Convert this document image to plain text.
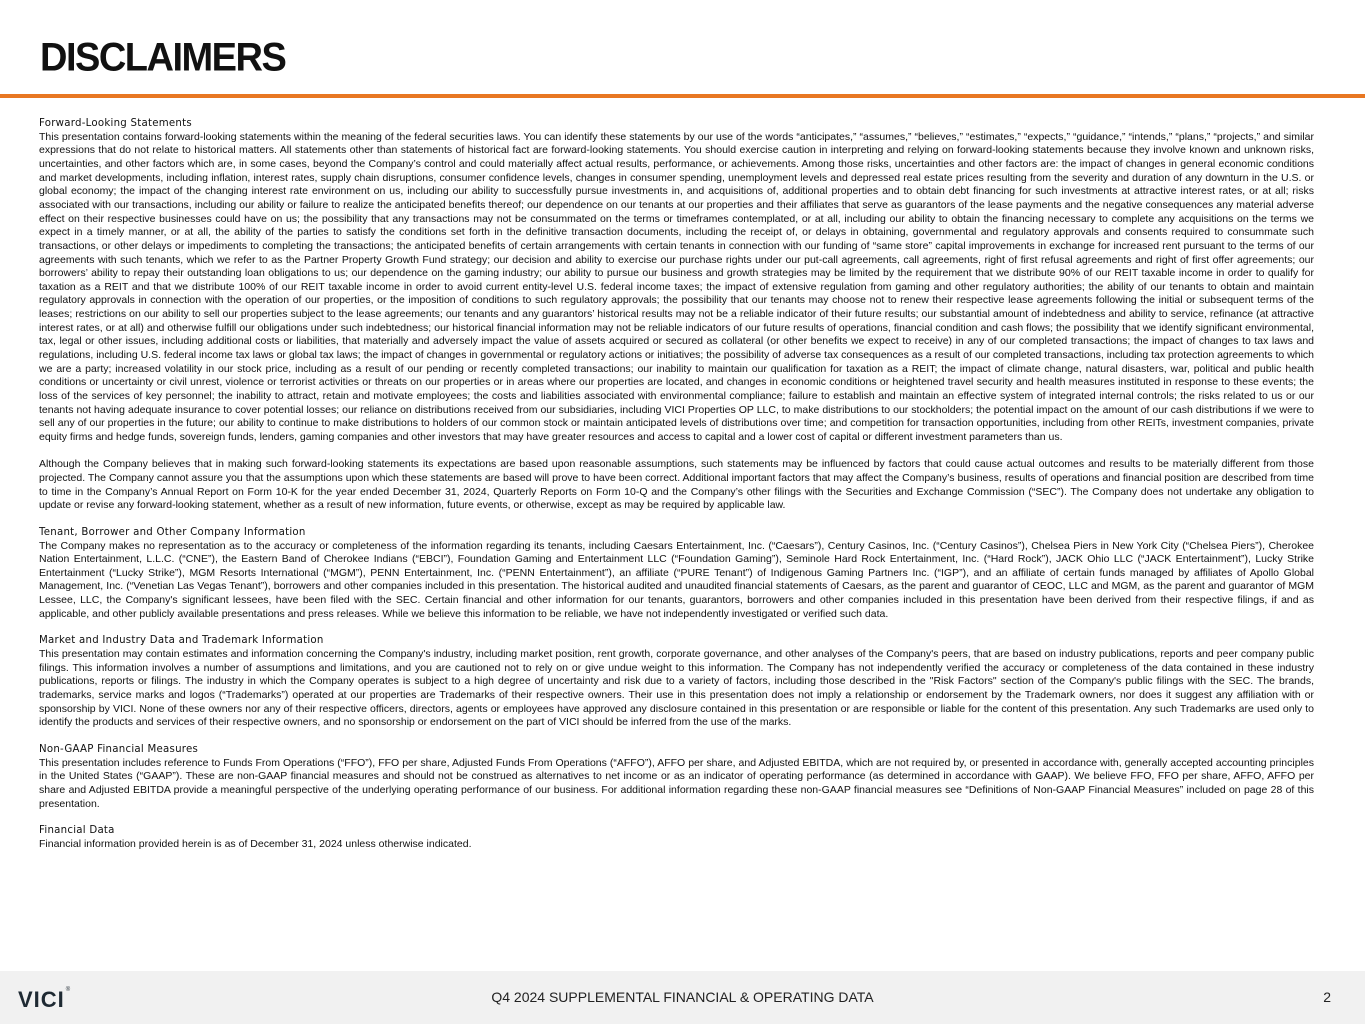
DISCLAIMERS
Forward-Looking Statements

This presentation contains forward-looking statements within the meaning of the federal securities laws. You can identify these statements by our use of the words “anticipates,” “assumes,” “believes,” “estimates,” “expects,” “guidance,” “intends,” “plans,” “projects,” and similar expressions that do not relate to historical matters. All statements other than statements of historical fact are forward-looking statements. You should exercise caution in interpreting and relying on forward-looking statements because they involve known and unknown risks, uncertainties, and other factors which are, in some cases, beyond the Company’s control and could materially affect actual results, performance, or achievements. Among those risks, uncertainties and other factors are: the impact of changes in general economic conditions and market developments, including inflation, interest rates, supply chain disruptions, consumer confidence levels, changes in consumer spending, unemployment levels and depressed real estate prices resulting from the severity and duration of any downturn in the U.S. or global economy; the impact of the changing interest rate environment on us, including our ability to successfully pursue investments in, and acquisitions of, additional properties and to obtain debt financing for such investments at attractive interest rates, or at all; risks associated with our transactions, including our ability or failure to realize the anticipated benefits thereof; our dependence on our tenants at our properties and their affiliates that serve as guarantors of the lease payments and the negative consequences any material adverse effect on their respective businesses could have on us; the possibility that any transactions may not be consummated on the terms or timeframes contemplated, or at all, including our ability to obtain the financing necessary to complete any acquisitions on the terms we expect in a timely manner, or at all, the ability of the parties to satisfy the conditions set forth in the definitive transaction documents, including the receipt of, or delays in obtaining, governmental and regulatory approvals and consents required to consummate such transactions, or other delays or impediments to completing the transactions; the anticipated benefits of certain arrangements with certain tenants in connection with our funding of “same store” capital improvements in exchange for increased rent pursuant to the terms of our agreements with such tenants, which we refer to as the Partner Property Growth Fund strategy; our decision and ability to exercise our purchase rights under our put-call agreements, call agreements, right of first refusal agreements and right of first offer agreements; our borrowers’ ability to repay their outstanding loan obligations to us; our dependence on the gaming industry; our ability to pursue our business and growth strategies may be limited by the requirement that we distribute 90% of our REIT taxable income in order to qualify for taxation as a REIT and that we distribute 100% of our REIT taxable income in order to avoid current entity-level U.S. federal income taxes; the impact of extensive regulation from gaming and other regulatory authorities; the ability of our tenants to obtain and maintain regulatory approvals in connection with the operation of our properties, or the imposition of conditions to such regulatory approvals; the possibility that our tenants may choose not to renew their respective lease agreements following the initial or subsequent terms of the leases; restrictions on our ability to sell our properties subject to the lease agreements; our tenants and any guarantors’ historical results may not be a reliable indicator of their future results; our substantial amount of indebtedness and ability to service, refinance (at attractive interest rates, or at all) and otherwise fulfill our obligations under such indebtedness; our historical financial information may not be reliable indicators of our future results of operations, financial condition and cash flows; the possibility that we identify significant environmental, tax, legal or other issues, including additional costs or liabilities, that materially and adversely impact the value of assets acquired or secured as collateral (or other benefits we expect to receive) in any of our completed transactions; the impact of changes to tax laws and regulations, including U.S. federal income tax laws or global tax laws; the impact of changes in governmental or regulatory actions or initiatives; the possibility of adverse tax consequences as a result of our completed transactions, including tax protection agreements to which we are a party; increased volatility in our stock price, including as a result of our pending or recently completed transactions; our inability to maintain our qualification for taxation as a REIT; the impact of climate change, natural disasters, war, political and public health conditions or uncertainty or civil unrest, violence or terrorist activities or threats on our properties or in areas where our properties are located, and changes in economic conditions or heightened travel security and health measures instituted in response to these events; the loss of the services of key personnel; the inability to attract, retain and motivate employees; the costs and liabilities associated with environmental compliance; failure to establish and maintain an effective system of integrated internal controls; the risks related to us or our tenants not having adequate insurance to cover potential losses; our reliance on distributions received from our subsidiaries, including VICI Properties OP LLC, to make distributions to our stockholders; the potential impact on the amount of our cash distributions if we were to sell any of our properties in the future; our ability to continue to make distributions to holders of our common stock or maintain anticipated levels of distributions over time; and competition for transaction opportunities, including from other REITs, investment companies, private equity firms and hedge funds, sovereign funds, lenders, gaming companies and other investors that may have greater resources and access to capital and a lower cost of capital or different investment parameters than us.

Although the Company believes that in making such forward-looking statements its expectations are based upon reasonable assumptions, such statements may be influenced by factors that could cause actual outcomes and results to be materially different from those projected. The Company cannot assure you that the assumptions upon which these statements are based will prove to have been correct. Additional important factors that may affect the Company’s business, results of operations and financial position are described from time to time in the Company’s Annual Report on Form 10-K for the year ended December 31, 2024, Quarterly Reports on Form 10-Q and the Company’s other filings with the Securities and Exchange Commission (“SEC”). The Company does not undertake any obligation to update or revise any forward-looking statement, whether as a result of new information, future events, or otherwise, except as may be required by applicable law.

Tenant, Borrower and Other Company Information

The Company makes no representation as to the accuracy or completeness of the information regarding its tenants, including Caesars Entertainment, Inc. (“Caesars”), Century Casinos, Inc. (“Century Casinos”), Chelsea Piers in New York City (“Chelsea Piers”), Cherokee Nation Entertainment, L.L.C. (“CNE”), the Eastern Band of Cherokee Indians (“EBCI”), Foundation Gaming and Entertainment LLC (“Foundation Gaming”), Seminole Hard Rock Entertainment, Inc. (“Hard Rock”), JACK Ohio LLC (“JACK Entertainment”), Lucky Strike Entertainment (“Lucky Strike”), MGM Resorts International (“MGM”), PENN Entertainment, Inc. (“PENN Entertainment”), an affiliate (“PURE Tenant”) of Indigenous Gaming Partners Inc. (“IGP”), and an affiliate of certain funds managed by affiliates of Apollo Global Management, Inc. (“Venetian Las Vegas Tenant”), borrowers and other companies included in this presentation. The historical audited and unaudited financial statements of Caesars, as the parent and guarantor of CEOC, LLC and MGM, as the parent and guarantor of MGM Lessee, LLC, the Company's significant lessees, have been filed with the SEC. Certain financial and other information for our tenants, guarantors, borrowers and other companies included in this presentation have been derived from their respective filings, if and as applicable, and other publicly available presentations and press releases. While we believe this information to be reliable, we have not independently investigated or verified such data.

Market and Industry Data and Trademark Information

This presentation may contain estimates and information concerning the Company's industry, including market position, rent growth, corporate governance, and other analyses of the Company's peers, that are based on industry publications, reports and peer company public filings. This information involves a number of assumptions and limitations, and you are cautioned not to rely on or give undue weight to this information. The Company has not independently verified the accuracy or completeness of the data contained in these industry publications, reports or filings. The industry in which the Company operates is subject to a high degree of uncertainty and risk due to a variety of factors, including those described in the "Risk Factors" section of the Company's public filings with the SEC. The brands, trademarks, service marks and logos (“Trademarks”) operated at our properties are Trademarks of their respective owners. Their use in this presentation does not imply a relationship or endorsement by the Trademark owners, nor does it suggest any affiliation with or sponsorship by VICI. None of these owners nor any of their respective officers, directors, agents or employees have approved any disclosure contained in this presentation or are responsible or liable for the content of this presentation. Any such Trademarks are used only to identify the products and services of their respective owners, and no sponsorship or endorsement on the part of VICI should be inferred from the use of the marks.

Non-GAAP Financial Measures

This presentation includes reference to Funds From Operations (“FFO”), FFO per share, Adjusted Funds From Operations (“AFFO”), AFFO per share, and Adjusted EBITDA, which are not required by, or presented in accordance with, generally accepted accounting principles in the United States (“GAAP”). These are non-GAAP financial measures and should not be construed as alternatives to net income or as an indicator of operating performance (as determined in accordance with GAAP). We believe FFO, FFO per share, AFFO, AFFO per share and Adjusted EBITDA provide a meaningful perspective of the underlying operating performance of our business. For additional information regarding these non-GAAP financial measures see “Definitions of Non-GAAP Financial Measures” included on page 28 of this presentation.

Financial Data

Financial information provided herein is as of December 31, 2024 unless otherwise indicated.

VICI®	Q4 2024 SUPPLEMENTAL FINANCIAL & OPERATING DATA	2
